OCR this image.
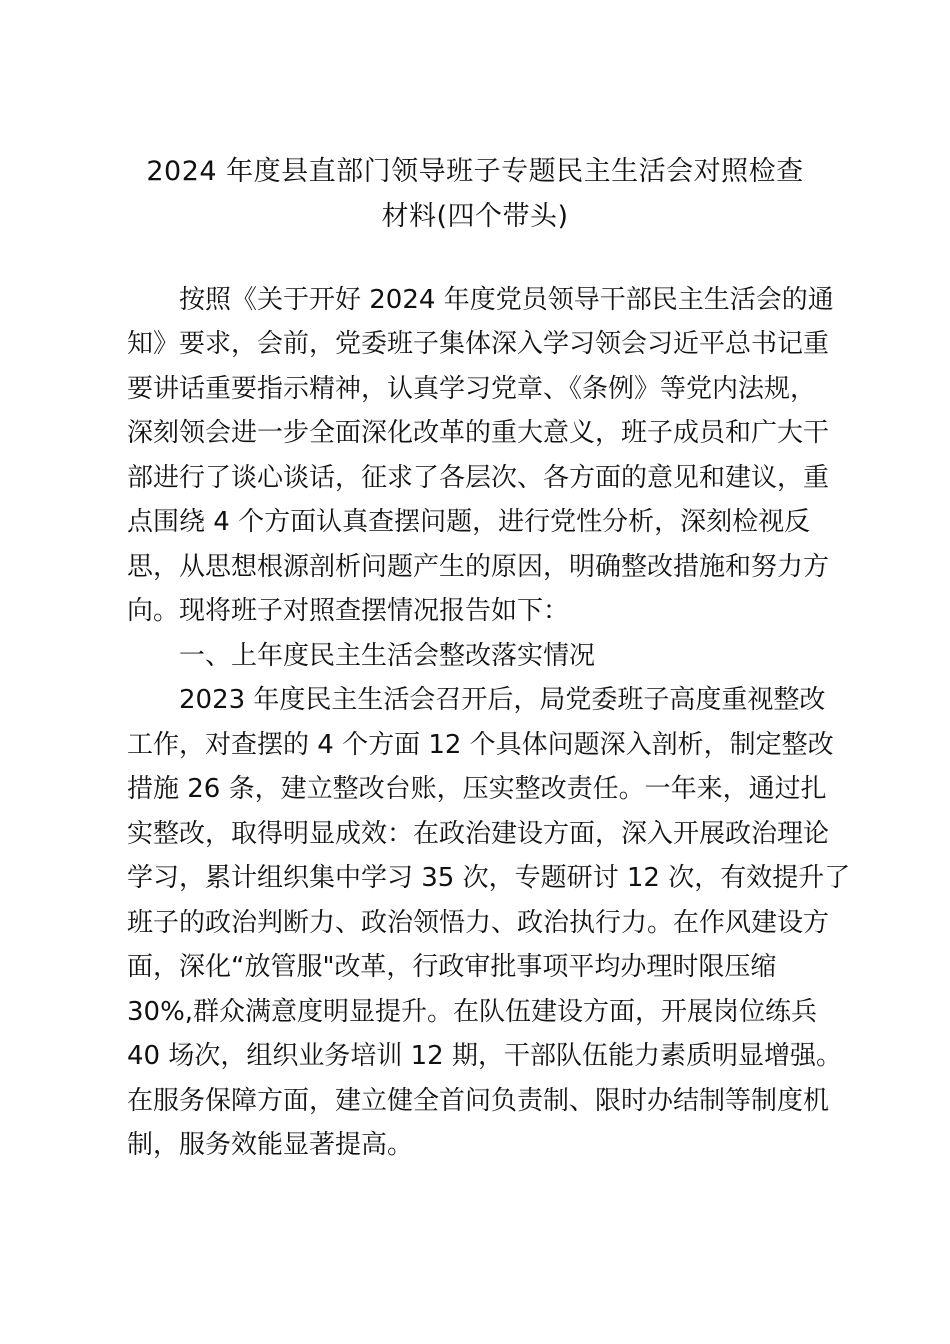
2024 年度县直部门领导班子专题民主生活会对照检查
材料(四个带头)
按照《关于开好 2024 年度党员领导干部民主生活会的通
知》要求，会前，党委班子集体深入学习领会习近平总书记重
要讲话重要指示精神，认真学习党章、《条例》等党内法规，
深刻领会进一步全面深化改革的重大意义，班子成员和广大干
部进行了谈心谈话，征求了各层次、各方面的意见和建议，重
点围绕 4 个方面认真查摆问题，进行党性分析，深刻检视反
思，从思想根源剖析问题产生的原因，明确整改措施和努力方
向。现将班子对照查摆情况报告如下：
一、上年度民主生活会整改落实情况
2023 年度民主生活会召开后，局党委班子高度重视整改
工作，对查摆的 4 个方面 12 个具体问题深入剖析，制定整改
措施 26 条，建立整改台账，压实整改责任。一年来，通过扎
实整改，取得明显成效：在政治建设方面，深入开展政治理论
学习，累计组织集中学习 35 次，专题研讨 12 次，有效提升了
班子的政治判断力、政治领悟力、政治执行力。在作风建设方
面，深化“放管服"改革，行政审批事项平均办理时限压缩
30%,群众满意度明显提升。在队伍建设方面，开展岗位练兵
40 场次，组织业务培训 12 期，干部队伍能力素质明显增强。
在服务保障方面，建立健全首问负责制、限时办结制等制度机
制，服务效能显著提高。
